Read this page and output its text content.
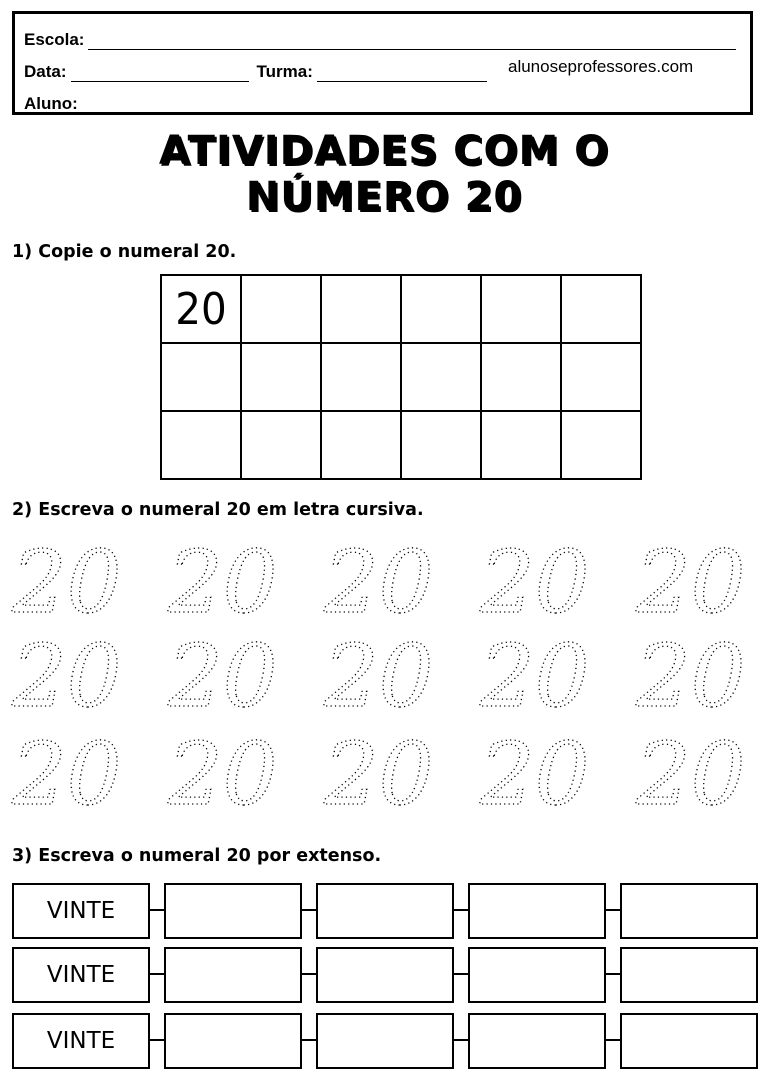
Escola:
Data:	Turma:	alunoseprofessores.com
Aluno:
ATIVIDADES COM O
NÚMERO 20
1) Copie o numeral 20.
20					

2) Escreva o numeral 20 em letra cursiva.
20 20 20 20 20
20 20 20 20 20
20 20 20 20 20
3) Escreva o numeral 20 por extenso.
VINTE
VINTE
VINTE
